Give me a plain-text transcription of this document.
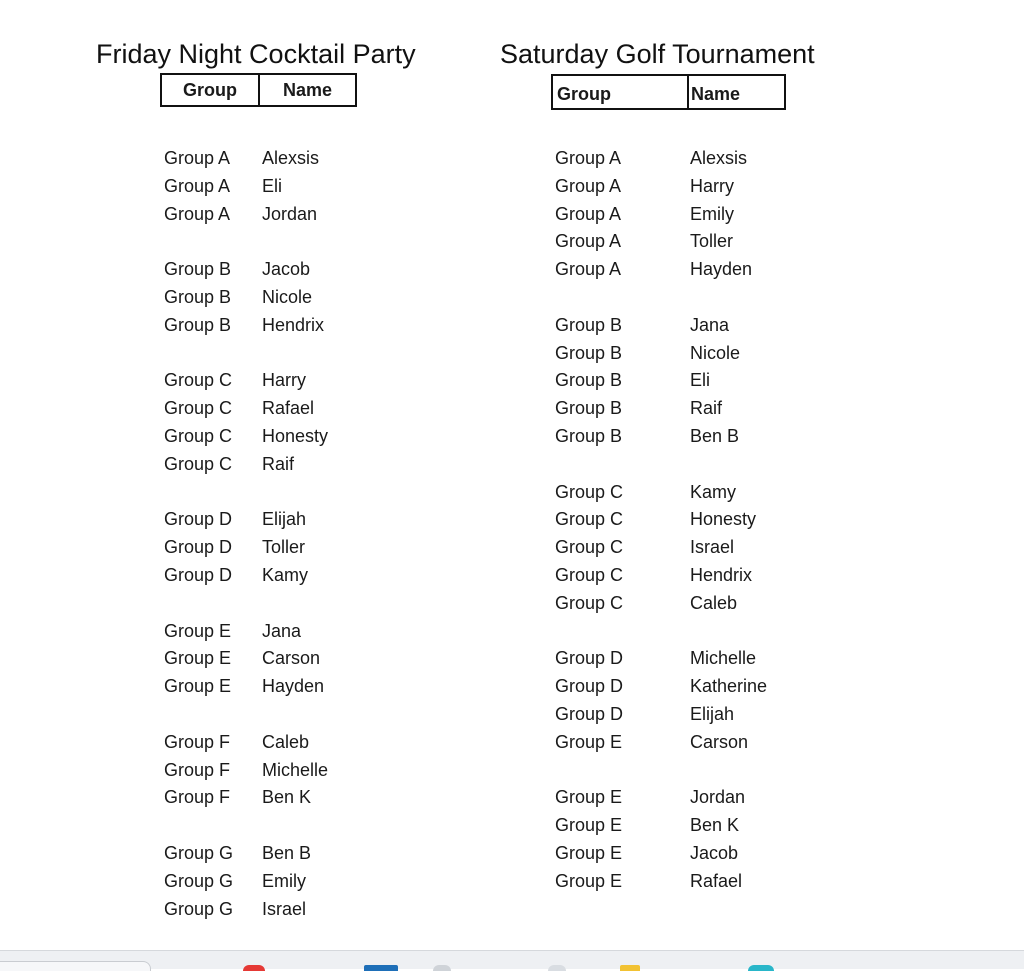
Friday Night Cocktail Party	Saturday Golf Tournament
Group	Name	Group	Name
Group A Alexsis
Group A Eli
Group A Jordan
Group B Jacob
Group B Nicole
Group B Hendrix
Group C Harry
Group C Rafael
Group C Honesty
Group C Raif
Group D Elijah
Group D Toller
Group D Kamy
Group E Jana
Group E Carson
Group E Hayden
Group F Caleb
Group F Michelle
Group F Ben K
Group G Ben B
Group G Emily
Group G Israel
Group A	Alexsis
Group A	Harry
Group A	Emily
Group A	Toller
Group A	Hayden
Group B	Jana
Group B	Nicole
Group B	Eli
Group B	Raif
Group B	Ben B
Group C	Kamy
Group C	Honesty
Group C	Israel
Group C	Hendrix
Group C	Caleb
Group D	Michelle
Group D	Katherine
Group D	Elijah
Group E	Carson
Group E	Jordan
Group E	Ben K
Group E	Jacob
Group E	Rafael
